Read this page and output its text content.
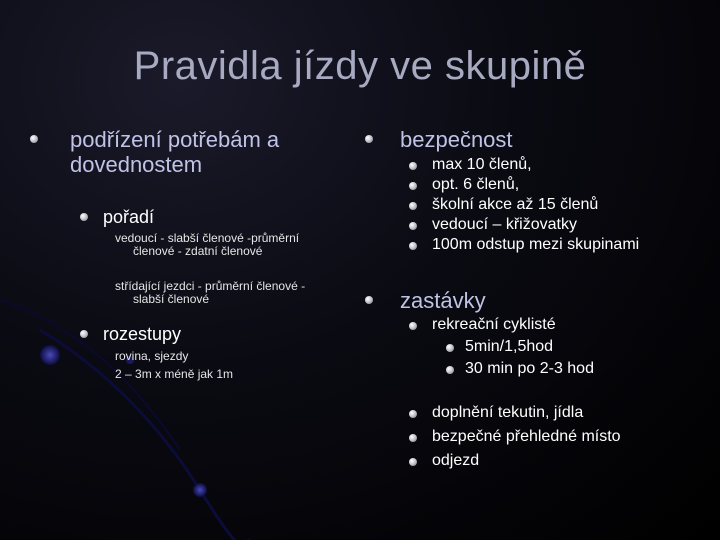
Pravidla jízdy ve skupině
podřízení potřebám a
dovednostem
pořadí
vedoucí - slabší členové -průměrní
členové - zdatní členové
střídající jezdci - průměrní členové -
slabší členové
rozestupy
rovina, sjezdy
2 – 3m x méně jak 1m
bezpečnost
max 10 členů,
opt. 6 členů,
školní akce až 15 členů
vedoucí – křižovatky
100m odstup mezi skupinami
zastávky
rekreační cyklisté
5min/1,5hod
30 min po 2-3 hod
doplnění tekutin, jídla
bezpečné přehledné místo
odjezd
